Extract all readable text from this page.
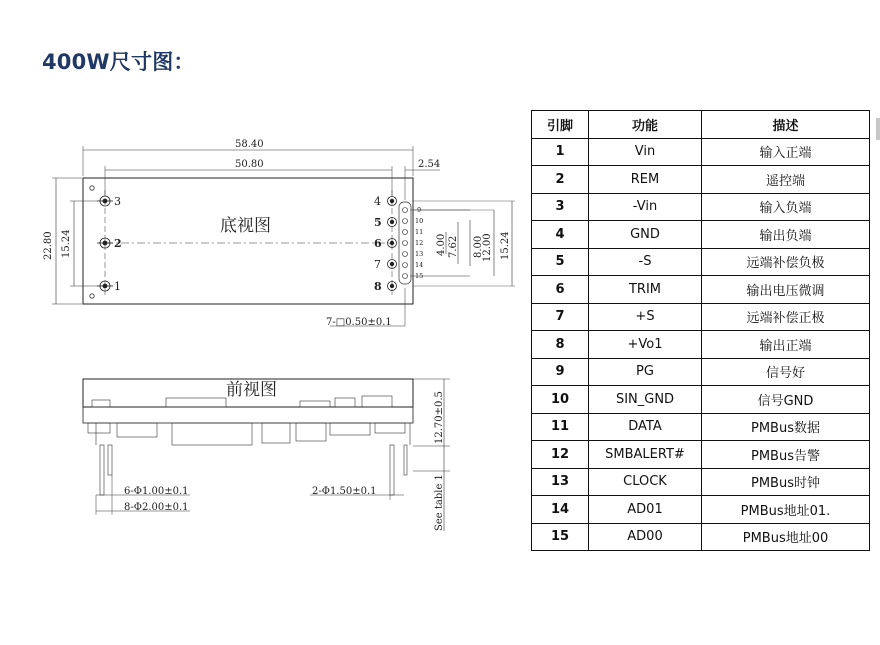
400W尺寸图：
3
2
1
4
5
6
7
8
9
10
11
12
13
14
15
底视图
58.40
50.80	2.54
22.80 15.24	4.00 7.62 8.00
12.00 15.24
7-□0.50±0.1
前视图
12.70±0.5
See table 1
6-Φ1.00±0.1
8-Φ2.00±0.1
2-Φ1.50±0.1
引脚	功能	描述
1	Vin	输入正端
2	REM	遥控端
3	-Vin	输入负端
4	GND	输出负端
5	-S	远端补偿负极
6	TRIM	输出电压微调
7	+S	远端补偿正极
8	+Vo1	输出正端
9	PG	信号好
10	SIN_GND	信号GND
11	DATA	PMBus数据
12	SMBALERT#	PMBus告警
13	CLOCK	PMBus时钟
14	AD01	PMBus地址01.
15	AD00	PMBus地址00
